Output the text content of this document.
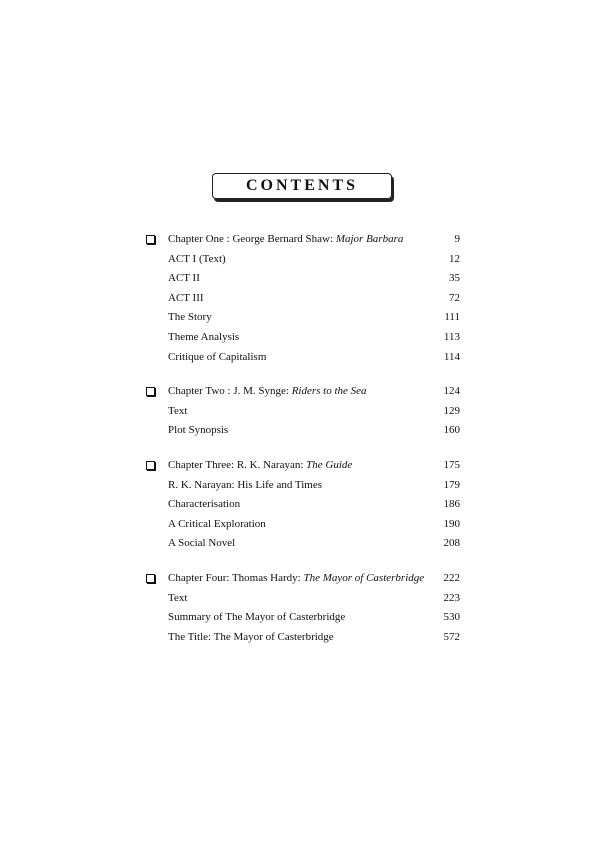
CONTENTS
Chapter One : George Bernard Shaw: Major Barbara	9
ACT I (Text)	12
ACT II	35
ACT III	72
The Story	111
Theme Analysis	113
Critique of Capitalism	114
Chapter Two : J. M. Synge: Riders to the Sea	124
Text	129
Plot Synopsis	160
Chapter Three: R. K. Narayan: The Guide	175
R. K. Narayan: His Life and Times	179
Characterisation	186
A Critical Exploration	190
A Social Novel	208
Chapter Four: Thomas Hardy: The Mayor of Casterbridge 222
Text	223
Summary of The Mayor of Casterbridge	530
The Title: The Mayor of Casterbridge	572
